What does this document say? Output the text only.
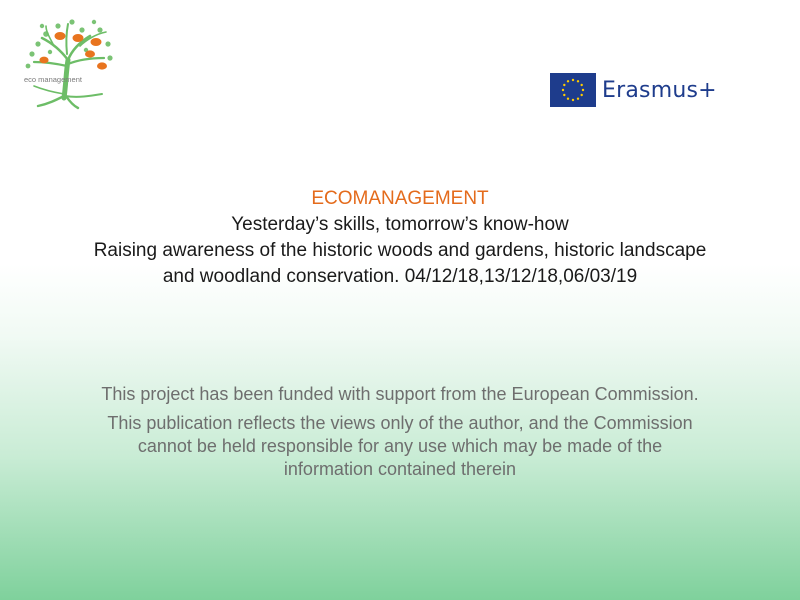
eco management	Erasmus+
ECOMANAGEMENT
Yesterday’s skills, tomorrow’s know-how
Raising awareness of the historic woods and gardens, historic landscape
and woodland conservation. 04/12/18,13/12/18,06/03/19

This project has been funded with support from the European Commission.

This publication reflects the views only of the author, and the Commission cannot be held responsible for any use which may be made of the information contained therein
